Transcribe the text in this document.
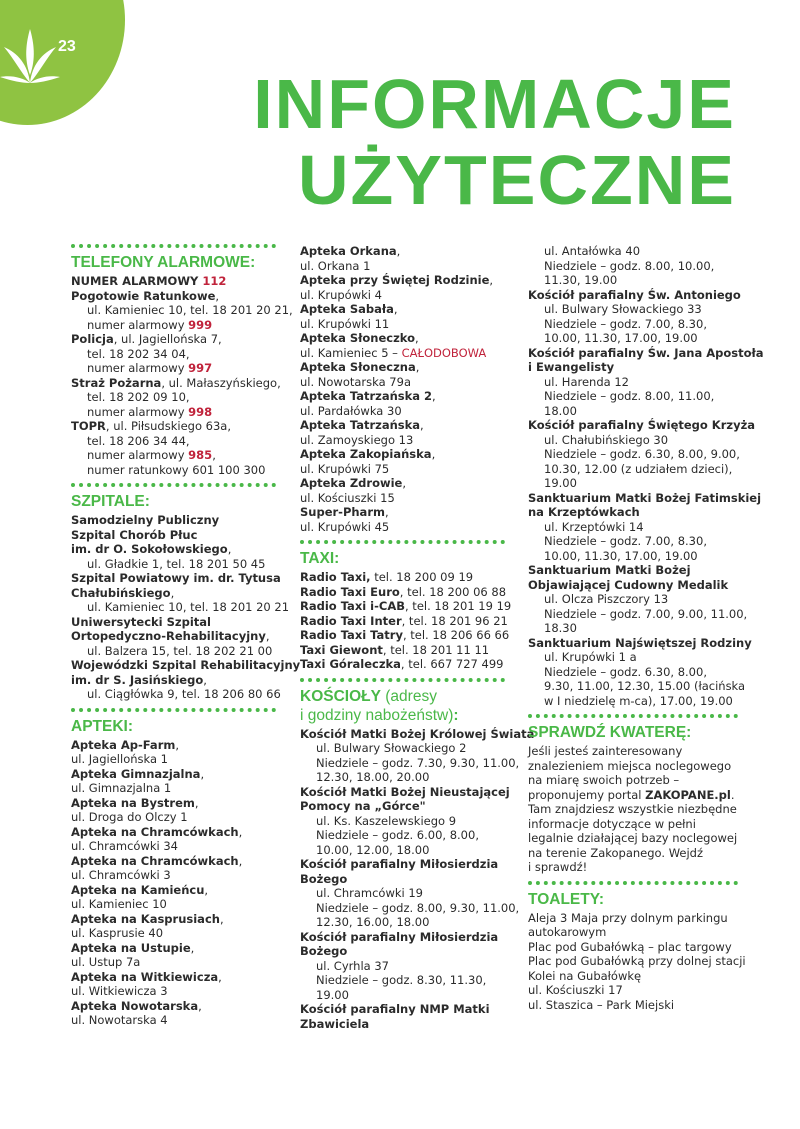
23
INFORMACJE
UŻYTECZNE
TELEFONY ALARMOWE:
NUMER ALARMOWY 112
Pogotowie Ratunkowe,
ul. Kamieniec 10, tel. 18 201 20 21,
numer alarmowy 999
Policja, ul. Jagiellońska 7,
tel. 18 202 34 04,
numer alarmowy 997
Straż Pożarna, ul. Małaszyńskiego,
tel. 18 202 09 10,
numer alarmowy 998
TOPR, ul. Piłsudskiego 63a,
tel. 18 206 34 44,
numer alarmowy 985,
numer ratunkowy 601 100 300
SZPITALE:
Samodzielny Publiczny
Szpital Chorób Płuc
im. dr O. Sokołowskiego,
ul. Gładkie 1, tel. 18 201 50 45
Szpital Powiatowy im. dr. Tytusa
Chałubińskiego,
ul. Kamieniec 10, tel. 18 201 20 21
Uniwersytecki Szpital
Ortopedyczno-Rehabilitacyjny,
ul. Balzera 15, tel. 18 202 21 00
Wojewódzki Szpital Rehabilitacyjny
im. dr S. Jasińskiego,
ul. Ciągłówka 9, tel. 18 206 80 66
APTEKI:
Apteka Ap-Farm,
ul. Jagiellońska 1
Apteka Gimnazjalna,
ul. Gimnazjalna 1
Apteka na Bystrem,
ul. Droga do Olczy 1
Apteka na Chramcówkach,
ul. Chramcówki 34
Apteka na Chramcówkach,
ul. Chramcówki 3
Apteka na Kamieńcu,
ul. Kamieniec 10
Apteka na Kasprusiach,
ul. Kasprusie 40
Apteka na Ustupie,
ul. Ustup 7a
Apteka na Witkiewicza,
ul. Witkiewicza 3
Apteka Nowotarska,
ul. Nowotarska 4
Apteka Orkana,
ul. Orkana 1
Apteka przy Świętej Rodzinie,
ul. Krupówki 4
Apteka Sabała,
ul. Krupówki 11
Apteka Słoneczko,
ul. Kamieniec 5 – CAŁODOBOWA
Apteka Słoneczna,
ul. Nowotarska 79a
Apteka Tatrzańska 2,
ul. Pardałówka 30
Apteka Tatrzańska,
ul. Zamoyskiego 13
Apteka Zakopiańska,
ul. Krupówki 75
Apteka Zdrowie,
ul. Kościuszki 15
Super-Pharm,
ul. Krupówki 45
TAXI:
Radio Taxi, tel. 18 200 09 19
Radio Taxi Euro, tel. 18 200 06 88
Radio Taxi i-CAB, tel. 18 201 19 19
Radio Taxi Inter, tel. 18 201 96 21
Radio Taxi Tatry, tel. 18 206 66 66
Taxi Giewont, tel. 18 201 11 11
Taxi Góraleczka, tel. 667 727 499
KOŚCIOŁY (adresy
i godziny nabożeństw):
Kościół Matki Bożej Królowej Świata
ul. Bulwary Słowackiego 2
Niedziele – godz. 7.30, 9.30, 11.00,
12.30, 18.00, 20.00
Kościół Matki Bożej Nieustającej
Pomocy na „Górce"
ul. Ks. Kaszelewskiego 9
Niedziele – godz. 6.00, 8.00,
10.00, 12.00, 18.00
Kościół parafialny Miłosierdzia
Bożego
ul. Chramcówki 19
Niedziele – godz. 8.00, 9.30, 11.00,
12.30, 16.00, 18.00
Kościół parafialny Miłosierdzia
Bożego
ul. Cyrhla 37
Niedziele – godz. 8.30, 11.30,
19.00
Kościół parafialny NMP Matki
Zbawiciela
ul. Antałówka 40
Niedziele – godz. 8.00, 10.00,
11.30, 19.00
Kościół parafialny Św. Antoniego
ul. Bulwary Słowackiego 33
Niedziele – godz. 7.00, 8.30,
10.00, 11.30, 17.00, 19.00
Kościół parafialny Św. Jana Apostoła
i Ewangelisty
ul. Harenda 12
Niedziele – godz. 8.00, 11.00,
18.00
Kościół parafialny Świętego Krzyża
ul. Chałubińskiego 30
Niedziele – godz. 6.30, 8.00, 9.00,
10.30, 12.00 (z udziałem dzieci),
19.00
Sanktuarium Matki Bożej Fatimskiej
na Krzeptówkach
ul. Krzeptówki 14
Niedziele – godz. 7.00, 8.30,
10.00, 11.30, 17.00, 19.00
Sanktuarium Matki Bożej
Objawiającej Cudowny Medalik
ul. Olcza Piszczory 13
Niedziele – godz. 7.00, 9.00, 11.00,
18.30
Sanktuarium Najświętszej Rodziny
ul. Krupówki 1 a
Niedziele – godz. 6.30, 8.00,
9.30, 11.00, 12.30, 15.00 (łacińska
w I niedzielę m-ca), 17.00, 19.00
SPRAWDŹ KWATERĘ:
Jeśli jesteś zainteresowany
znalezieniem miejsca noclegowego
na miarę swoich potrzeb –
proponujemy portal ZAKOPANE.pl.
Tam znajdziesz wszystkie niezbędne
informacje dotyczące w pełni
legalnie działającej bazy noclegowej
na terenie Zakopanego. Wejdź
i sprawdź!
TOALETY:
Aleja 3 Maja przy dolnym parkingu
autokarowym
Plac pod Gubałówką – plac targowy
Plac pod Gubałówką przy dolnej stacji
Kolei na Gubałówkę
ul. Kościuszki 17
ul. Staszica – Park Miejski
